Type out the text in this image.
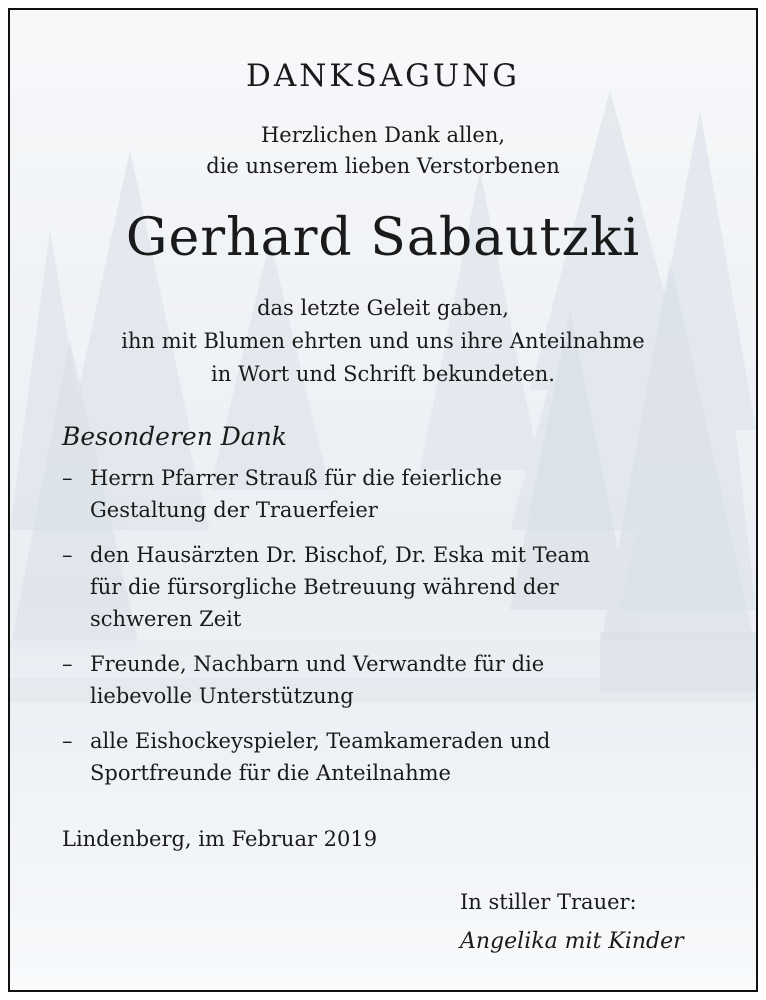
DANKSAGUNG
Herzlichen Dank allen,
die unserem lieben Verstorbenen
Gerhard Sabautzki
das letzte Geleit gaben,
ihn mit Blumen ehrten und uns ihre Anteilnahme
in Wort und Schrift bekundeten.
Besonderen Dank
– Herrn Pfarrer Strauß für die feierliche
Gestaltung der Trauerfeier
– den Hausärzten Dr. Bischof, Dr. Eska mit Team
für die fürsorgliche Betreuung während der
schweren Zeit
– Freunde, Nachbarn und Verwandte für die
liebevolle Unterstützung
– alle Eishockeyspieler, Teamkameraden und
Sportfreunde für die Anteilnahme
Lindenberg, im Februar 2019
In stiller Trauer:
Angelika mit Kinder
